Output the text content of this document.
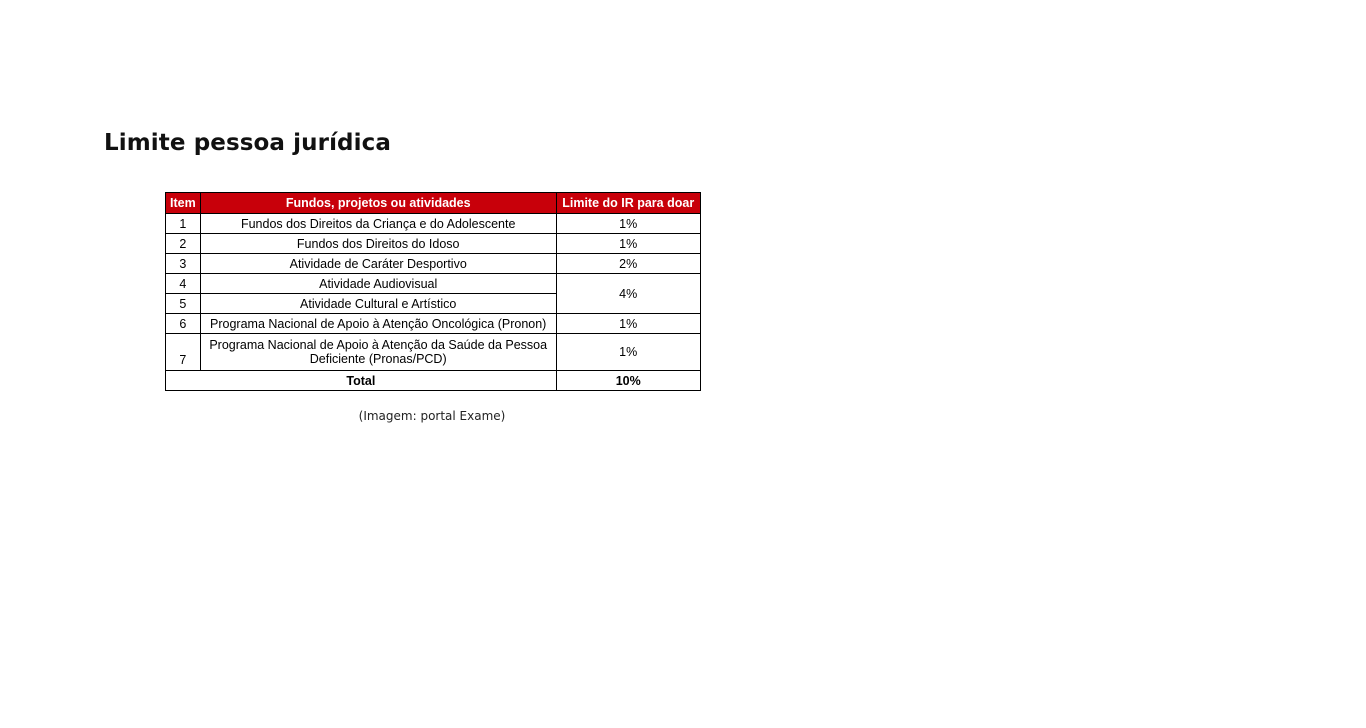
Limite pessoa jurídica
Item	Fundos, projetos ou atividades	Limite do IR para doar
1	Fundos dos Direitos da Criança e do Adolescente	1%
2	Fundos dos Direitos do Idoso	1%
3	Atividade de Caráter Desportivo	2%
4	Atividade Audiovisual	4%
5	Atividade Cultural e Artístico	
6	Programa Nacional de Apoio à Atenção Oncológica (Pronon)	1%
7	Programa Nacional de Apoio à Atenção da Saúde da Pessoa Deficiente (Pronas/PCD)	1%
Total		10%
(Imagem: portal Exame)
